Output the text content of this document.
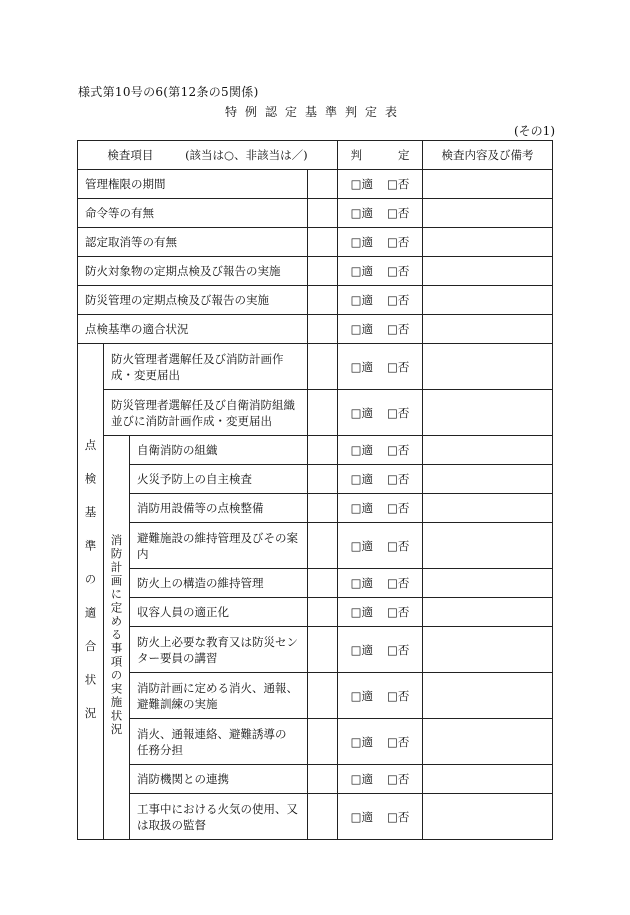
様式第10号の6(第12条の5関係)
特例認定基準判定表
(その1)
検査項目 (該当は○、非該当は／)				判 定	検査内容及び備考
管理権限の期間				□適 □否	
命令等の有無				□適 □否	
認定取消等の有無				□適 □否	
防火対象物の定期点検及び報告の実施				□適 □否	
防災管理の定期点検及び報告の実施				□適 □否	
点検基準の適合状況				□適 □否	
点検基準の適合状況	防火管理者選解任及び消防計画作成・変更届出			□適 □否	
	防災管理者選解任及び自衛消防組織並びに消防計画作成・変更届出			□適 □否	
	消防計画に定める事項の実施状況	自衛消防の組織		□適 □否	
		火災予防上の自主検査		□適 □否	
		消防用設備等の点検整備		□適 □否	
		避難施設の維持管理及びその案内		□適 □否	
		防火上の構造の維持管理		□適 □否	
		収容人員の適正化		□適 □否	
		防火上必要な教育又は防災センター要員の講習		□適 □否	
		消防計画に定める消火、通報、避難訓練の実施		□適 □否	
		消火、通報連絡、避難誘導の　任務分担		□適 □否	
		消防機関との連携		□適 □否	
		工事中における火気の使用、又は取扱の監督		□適 □否	
